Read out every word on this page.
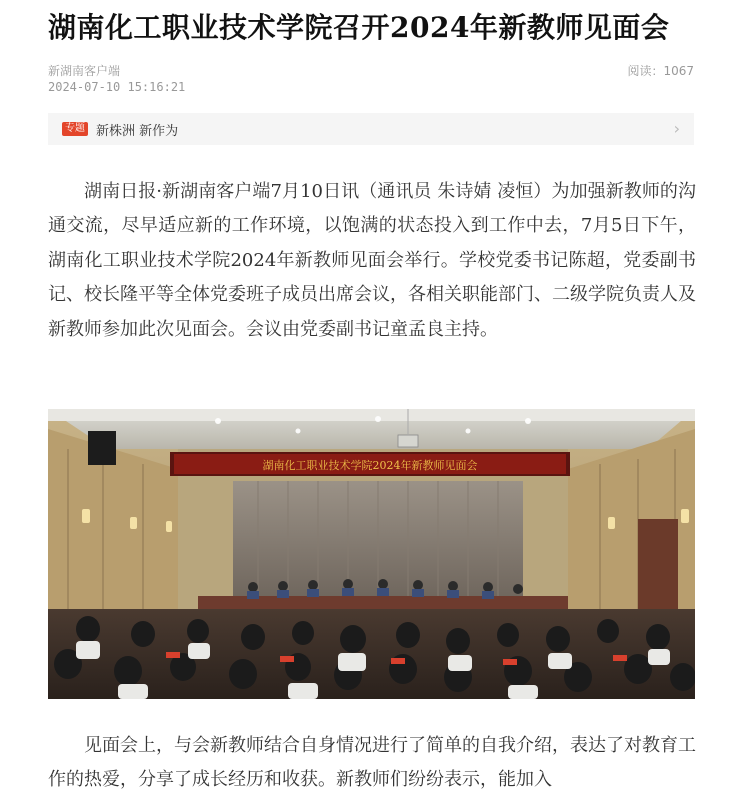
湖南化工职业技术学院召开2024年新教师见面会
新湖南客户端
2024-07-10 15:16:21
阅读：1067
专题 新株洲 新作为	›

湖南日报·新湖南客户端7月10日讯（通讯员 朱诗婧 凌恒）为加强新教师的沟通交流，尽早适应新的工作环境，以饱满的状态投入到工作中去，7月5日下午，湖南化工职业技术学院2024年新教师见面会举行。学校党委书记陈超，党委副书记、校长隆平等全体党委班子成员出席会议，各相关职能部门、二级学院负责人及新教师参加此次见面会。会议由党委副书记童孟良主持。

湖南化工职业技术学院2024年新教师见面会

见面会上，与会新教师结合自身情况进行了简单的自我介绍，表达了对教育工作的热爱，分享了成长经历和收获。新教师们纷纷表示，能加入
